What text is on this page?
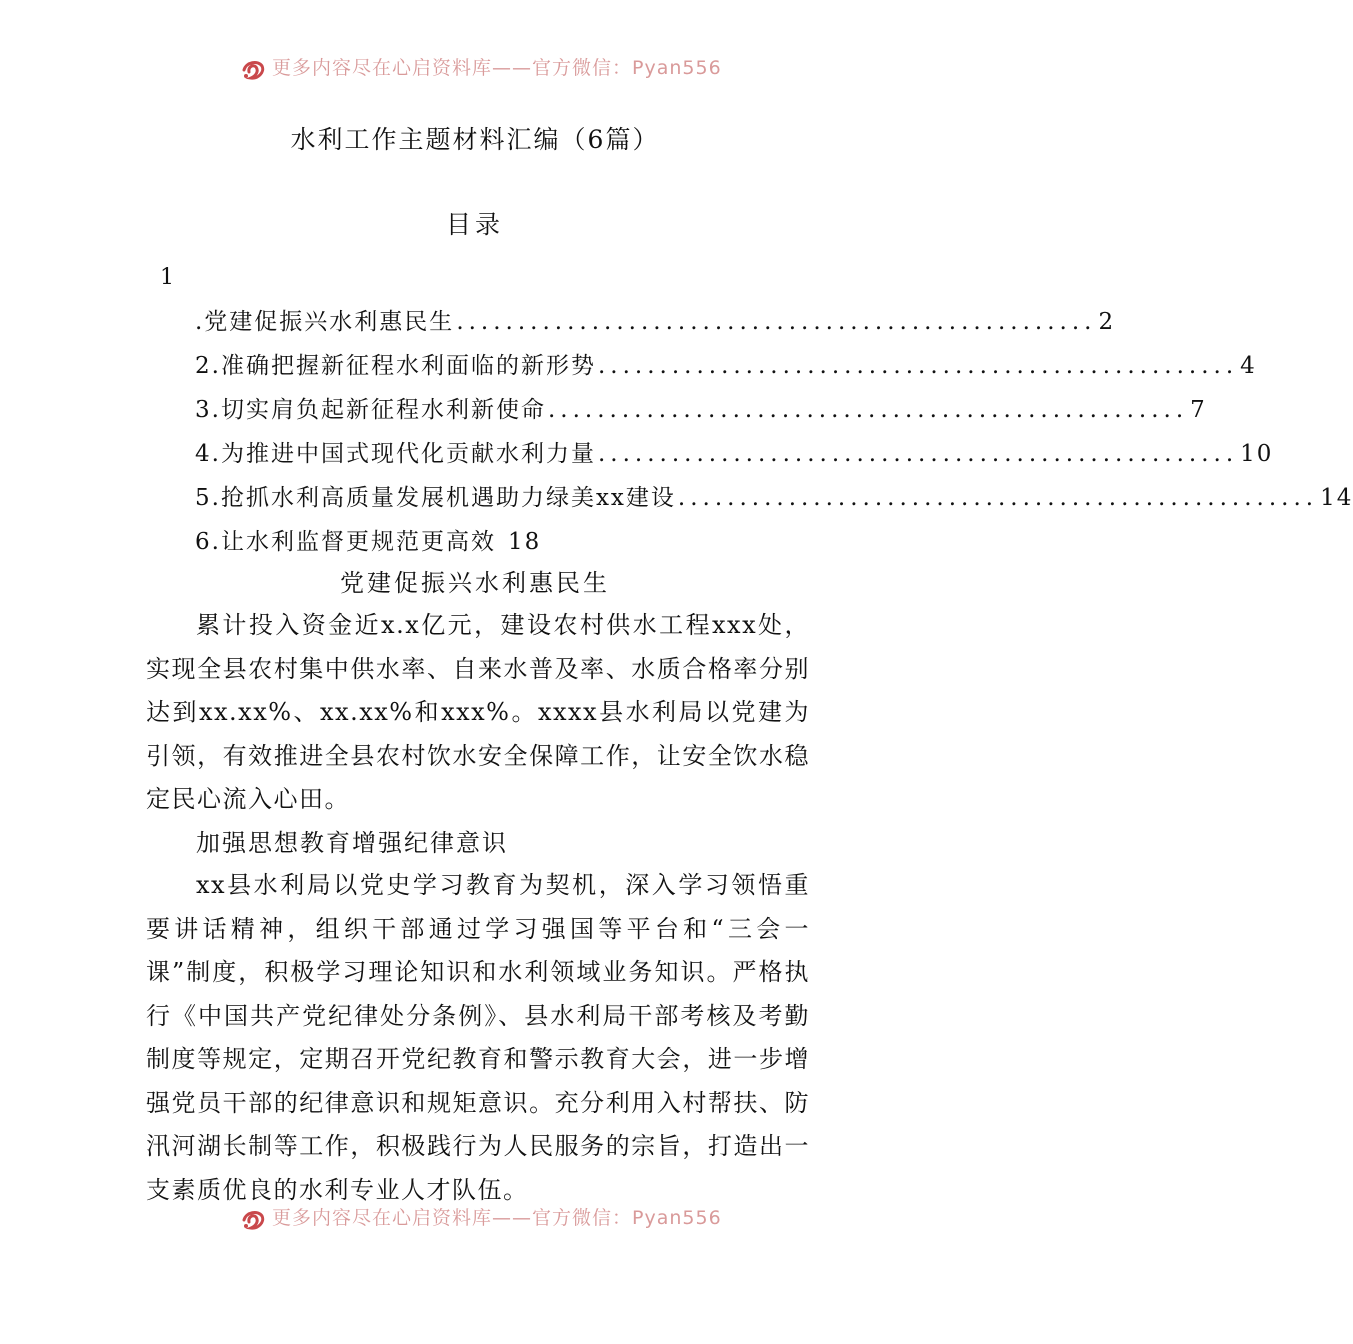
更多内容尽在心启资料库——官方微信：Pyan556
水利工作主题材料汇编（6篇）
目录
1
.党建促振兴水利惠民生 .................................................... 2
2.准确把握新征程水利面临的新形势 .................................................... 4
3.切实肩负起新征程水利新使命 .................................................... 7
4.为推进中国式现代化贡献水利力量 .................................................... 10
5.抢抓水利高质量发展机遇助力绿美xx建设 .................................................... 14
6.让水利监督更规范更高效 18
党建促振兴水利惠民生
累计投入资金近x.x亿元，建设农村供水工程xxx处，实现全县农村集中供水率、自来水普及率、水质合格率分别达到xx.xx%、xx.xx%和xxx%。xxxx县水利局以党建为引领，有效推进全县农村饮水安全保障工作，让安全饮水稳定民心流入心田。
加强思想教育增强纪律意识
xx县水利局以党史学习教育为契机，深入学习领悟重要讲话精神，组织干部通过学习强国等平台和“三会一课”制度，积极学习理论知识和水利领域业务知识。严格执行《中国共产党纪律处分条例》、县水利局干部考核及考勤制度等规定，定期召开党纪教育和警示教育大会，进一步增强党员干部的纪律意识和规矩意识。充分利用入村帮扶、防汛河湖长制等工作，积极践行为人民服务的宗旨，打造出一支素质优良的水利专业人才队伍。
更多内容尽在心启资料库——官方微信：Pyan556
